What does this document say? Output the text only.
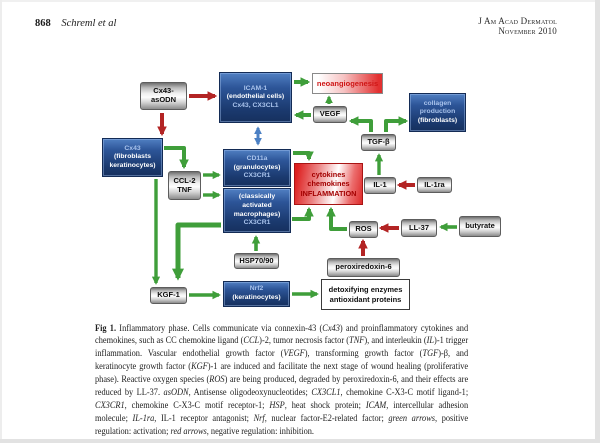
868 Schreml et al	J Am Acad Dermatol
November 2010
Cx43-
asODN
ICAM-1
(endothelial cells)
Cx43, CX3CL1
neoangiogenesis
VEGF
collagen
production
(fibroblasts)
TGF-β
Cx43
(fibroblasts
keratinocytes)
CCL-2
TNF
CD11a
(granulocytes)
CX3CR1
(classically
activated
macrophages)
CX3CR1
cytokines
chemokines
INFLAMMATION
IL-1	IL-1ra
ROS	LL-37	butyrate
HSP70/90
peroxiredoxin-6
KGF-1
Nrf2
(keratinocytes)
detoxifying enzymes
antioxidant proteins

Fig 1. Inflammatory phase. Cells communicate via connexin-43 (Cx43) and proinflammatory cytokines and chemokines, such as CC chemokine ligand (CCL)-2, tumor necrosis factor (TNF), and interleukin (IL)-1 trigger inflammation. Vascular endothelial growth factor (VEGF), transforming growth factor (TGF)-β, and keratinocyte growth factor (KGF)-1 are induced and facilitate the next stage of wound healing (proliferative phase). Reactive oxygen species (ROS) are being produced, degraded by peroxiredoxin-6, and their effects are reduced by LL-37. asODN, Antisense oligodeoxynucleotides; CX3CL1, chemokine C-X3-C motif ligand-1; CX3CR1, chemokine C-X3-C motif receptor-1; HSP, heat shock protein; ICAM, intercellular adhesion molecule; IL-1ra, IL-1 receptor antagonist; Nrf, nuclear factor-E2-related factor; green arrows, positive regulation: activation; red arrows, negative regulation: inhibition.
